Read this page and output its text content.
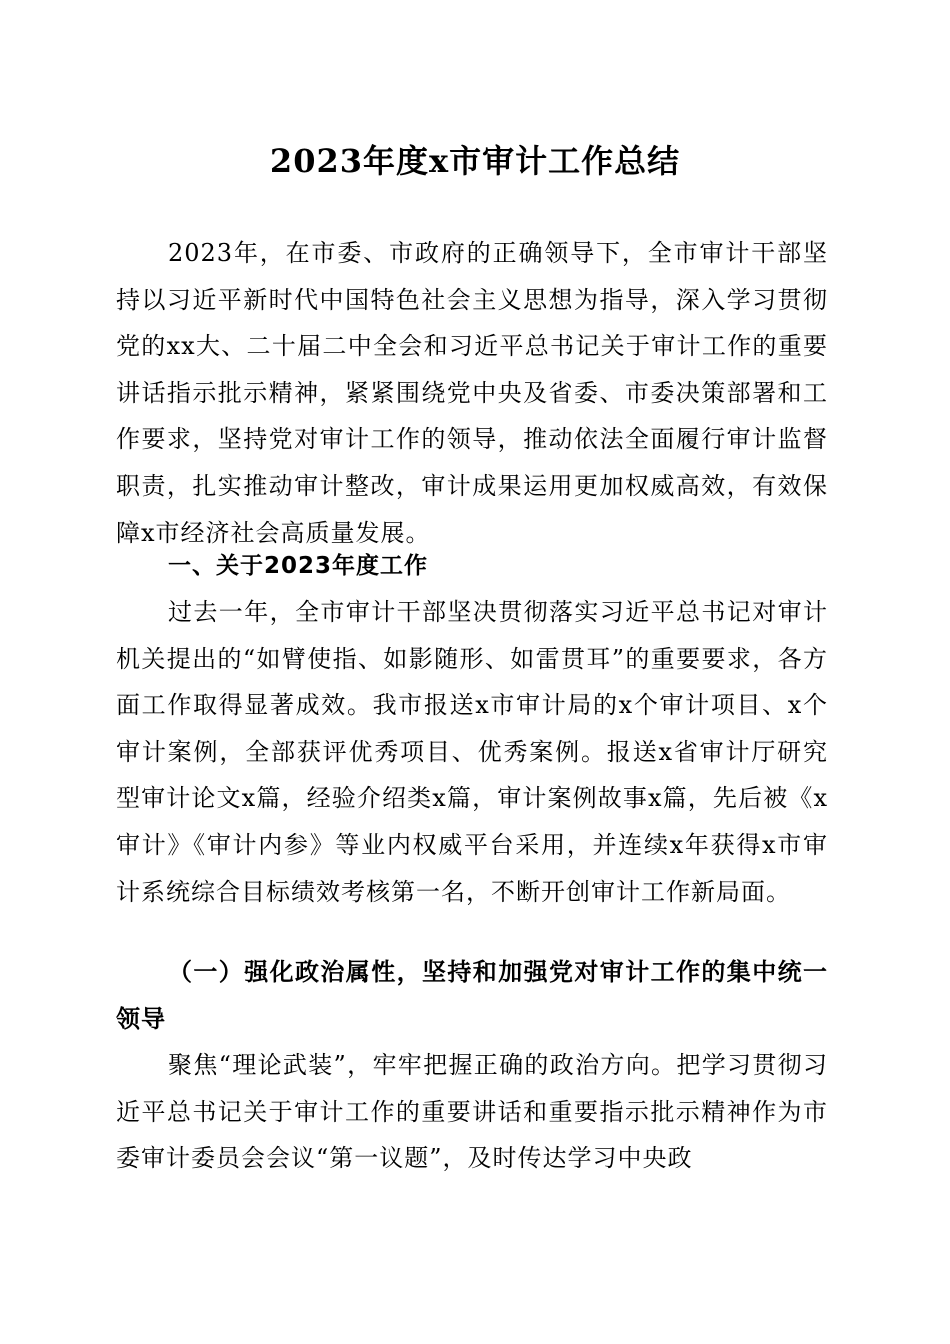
2023年度x市审计工作总结

2023年，在市委、市政府的正确领导下，全市审计干部坚持以习近平新时代中国特色社会主义思想为指导，深入学习贯彻党的xx大、二十届二中全会和习近平总书记关于审计工作的重要讲话指示批示精神，紧紧围绕党中央及省委、市委决策部署和工作要求，坚持党对审计工作的领导，推动依法全面履行审计监督职责，扎实推动审计整改，审计成果运用更加权威高效，有效保障x市经济社会高质量发展。

一、关于2023年度工作

过去一年，全市审计干部坚决贯彻落实习近平总书记对审计机关提出的“如臂使指、如影随形、如雷贯耳”的重要要求，各方面工作取得显著成效。我市报送x市审计局的x个审计项目、x个审计案例，全部获评优秀项目、优秀案例。报送x省审计厅研究型审计论文x篇，经验介绍类x篇，审计案例故事x篇，先后被《x审计》《审计内参》等业内权威平台采用，并连续x年获得x市审计系统综合目标绩效考核第一名，不断开创审计工作新局面。

（一）强化政治属性，坚持和加强党对审计工作的集中统一领导

聚焦“理论武装”，牢牢把握正确的政治方向。把学习贯彻习近平总书记关于审计工作的重要讲话和重要指示批示精神作为市委审计委员会会议“第一议题”，及时传达学习中央政
